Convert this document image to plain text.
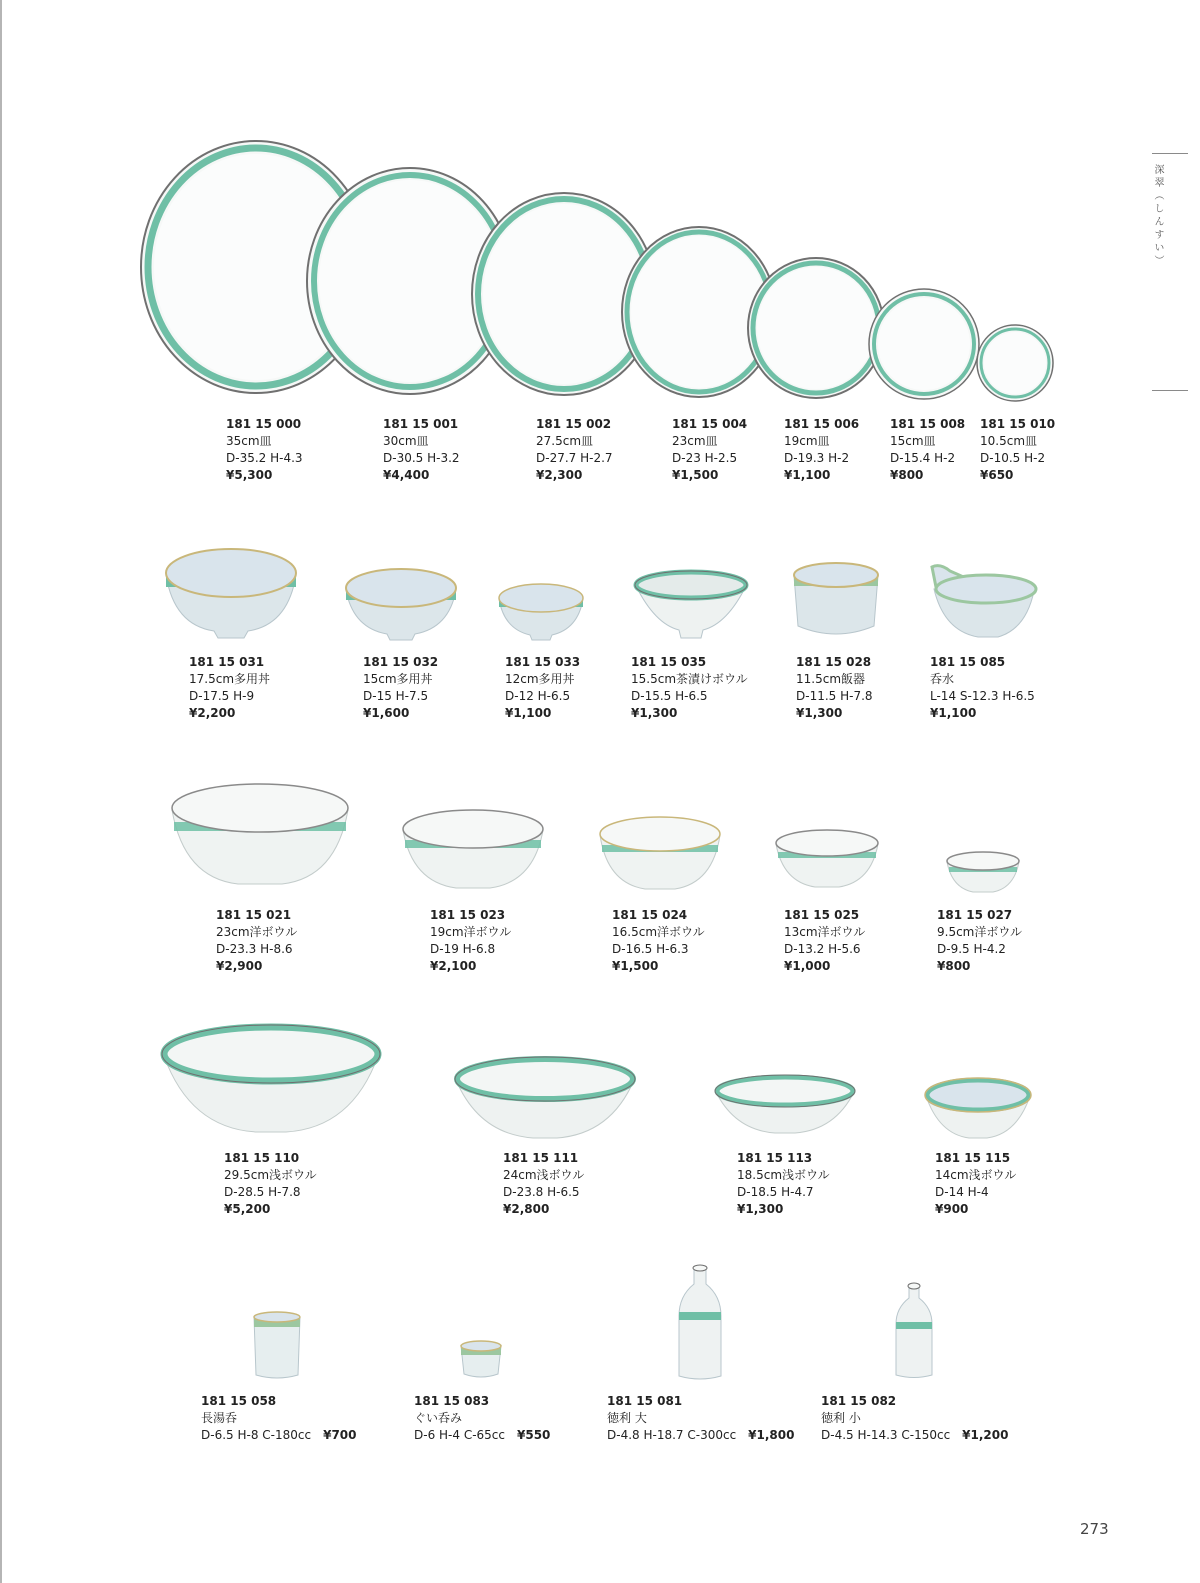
深翠（しんすい）
181 15 000
35cm皿
D-35.2 H-4.3
¥5,300
181 15 001
30cm皿
D-30.5 H-3.2
¥4,400
181 15 002
27.5cm皿
D-27.7 H-2.7
¥2,300
181 15 004
23cm皿
D-23 H-2.5
¥1,500
181 15 006
19cm皿
D-19.3 H-2
¥1,100
181 15 008
15cm皿
D-15.4 H-2
¥800
181 15 010
10.5cm皿
D-10.5 H-2
¥650
181 15 031
17.5cm多用丼
D-17.5 H-9
¥2,200
181 15 032
15cm多用丼
D-15 H-7.5
¥1,600
181 15 033
12cm多用丼
D-12 H-6.5
¥1,100
181 15 035
15.5cm茶漬けボウル
D-15.5 H-6.5
¥1,300
181 15 028
11.5cm飯器
D-11.5 H-7.8
¥1,300
181 15 085
呑水
L-14 S-12.3 H-6.5
¥1,100
181 15 021
23cm洋ボウル
D-23.3 H-8.6
¥2,900
181 15 023
19cm洋ボウル
D-19 H-6.8
¥2,100
181 15 024
16.5cm洋ボウル
D-16.5 H-6.3
¥1,500
181 15 025
13cm洋ボウル
D-13.2 H-5.6
¥1,000
181 15 027
9.5cm洋ボウル
D-9.5 H-4.2
¥800
181 15 110
29.5cm浅ボウル
D-28.5 H-7.8
¥5,200
181 15 111
24cm浅ボウル
D-23.8 H-6.5
¥2,800
181 15 113
18.5cm浅ボウル
D-18.5 H-4.7
¥1,300
181 15 115
14cm浅ボウル
D-14 H-4
¥900
181 15 058
長湯呑
D-6.5 H-8 C-180cc ¥700
181 15 083
ぐい呑み
D-6 H-4 C-65cc ¥550
181 15 081
徳利 大
D-4.8 H-18.7 C-300cc ¥1,800
181 15 082
徳利 小
D-4.5 H-14.3 C-150cc ¥1,200
273
